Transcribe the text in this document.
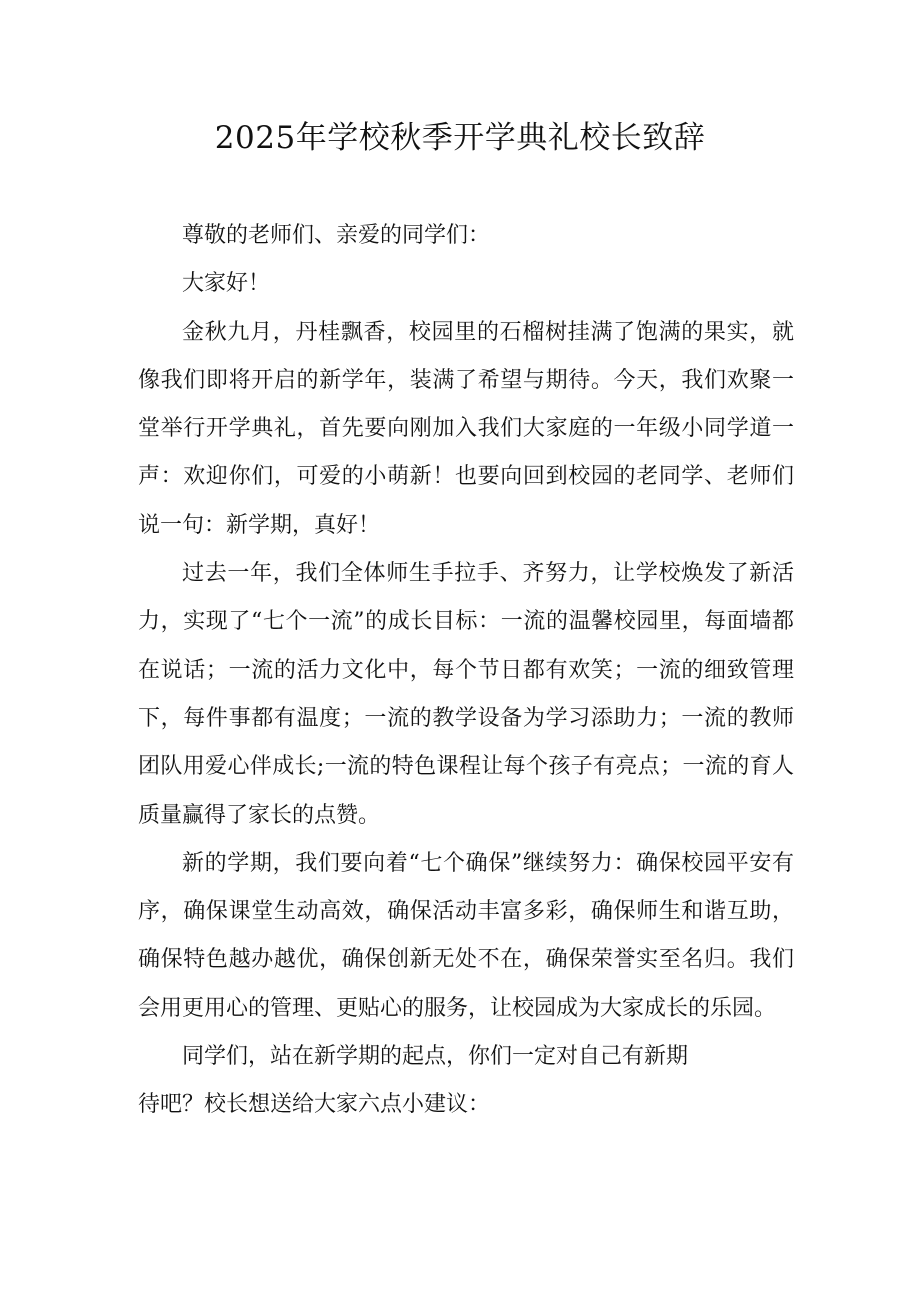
2025年学校秋季开学典礼校长致辞

尊敬的老师们、亲爱的同学们：

大家好！

金秋九月，丹桂飘香，校园里的石榴树挂满了饱满的果实，就像我们即将开启的新学年，装满了希望与期待。今天，我们欢聚一堂举行开学典礼，首先要向刚加入我们大家庭的一年级小同学道一声：欢迎你们，可爱的小萌新！也要向回到校园的老同学、老师们说一句：新学期，真好！

过去一年，我们全体师生手拉手、齐努力，让学校焕发了新活力，实现了“七个一流”的成长目标：一流的温馨校园里，每面墙都在说话；一流的活力文化中，每个节日都有欢笑；一流的细致管理下，每件事都有温度；一流的教学设备为学习添助力；一流的教师团队用爱心伴成长;一流的特色课程让每个孩子有亮点；一流的育人质量赢得了家长的点赞。

新的学期，我们要向着“七个确保”继续努力：确保校园平安有序，确保课堂生动高效，确保活动丰富多彩，确保师生和谐互助，确保特色越办越优，确保创新无处不在，确保荣誉实至名归。我们会用更用心的管理、更贴心的服务，让校园成为大家成长的乐园。

同学们，站在新学期的起点，你们一定对自己有新期

待吧？校长想送给大家六点小建议：
